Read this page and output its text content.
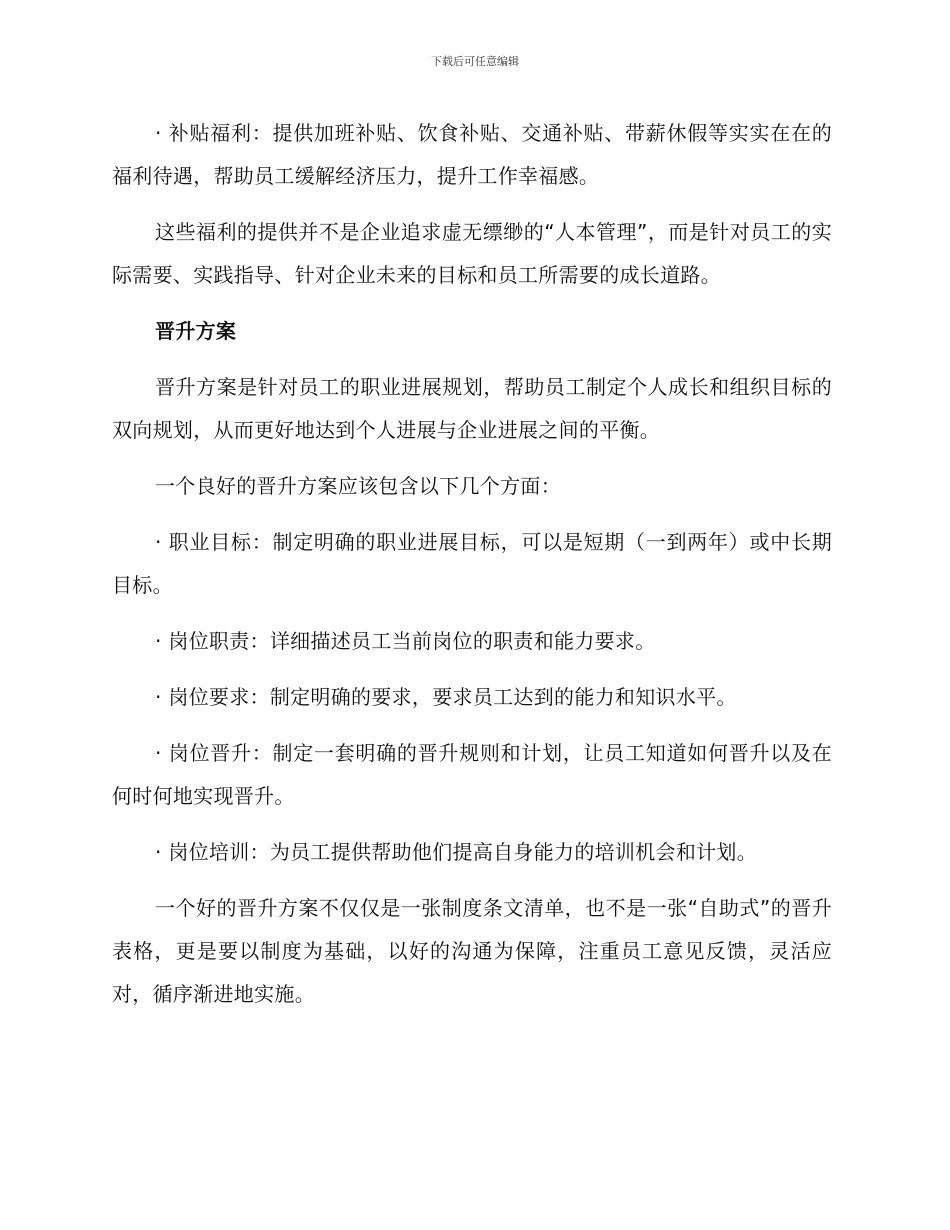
下载后可任意编辑

· 补贴福利：提供加班补贴、饮食补贴、交通补贴、带薪休假等实实在在的福利待遇，帮助员工缓解经济压力，提升工作幸福感。

这些福利的提供并不是企业追求虚无缥缈的“人本管理”，而是针对员工的实际需要、实践指导、针对企业未来的目标和员工所需要的成长道路。

晋升方案

晋升方案是针对员工的职业进展规划，帮助员工制定个人成长和组织目标的双向规划，从而更好地达到个人进展与企业进展之间的平衡。

一个良好的晋升方案应该包含以下几个方面：

· 职业目标：制定明确的职业进展目标，可以是短期（一到两年）或中长期目标。

· 岗位职责：详细描述员工当前岗位的职责和能力要求。

· 岗位要求：制定明确的要求，要求员工达到的能力和知识水平。

· 岗位晋升：制定一套明确的晋升规则和计划，让员工知道如何晋升以及在何时何地实现晋升。

· 岗位培训：为员工提供帮助他们提高自身能力的培训机会和计划。

一个好的晋升方案不仅仅是一张制度条文清单，也不是一张“自助式”的晋升表格，更是要以制度为基础，以好的沟通为保障，注重员工意见反馈，灵活应对，循序渐进地实施。
